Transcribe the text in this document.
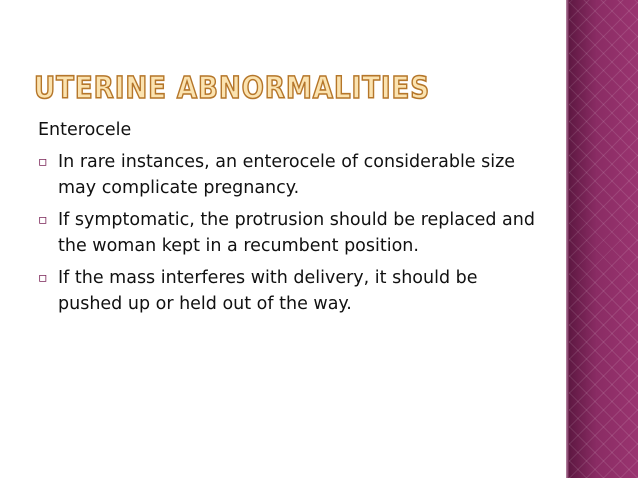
UTERINE ABNORMALITIES
Enterocele
▫ In rare instances, an enterocele of considerable size may complicate pregnancy.
▫ If symptomatic, the protrusion should be replaced and the woman kept in a recumbent position.
▫ If the mass interferes with delivery, it should be pushed up or held out of the way.
